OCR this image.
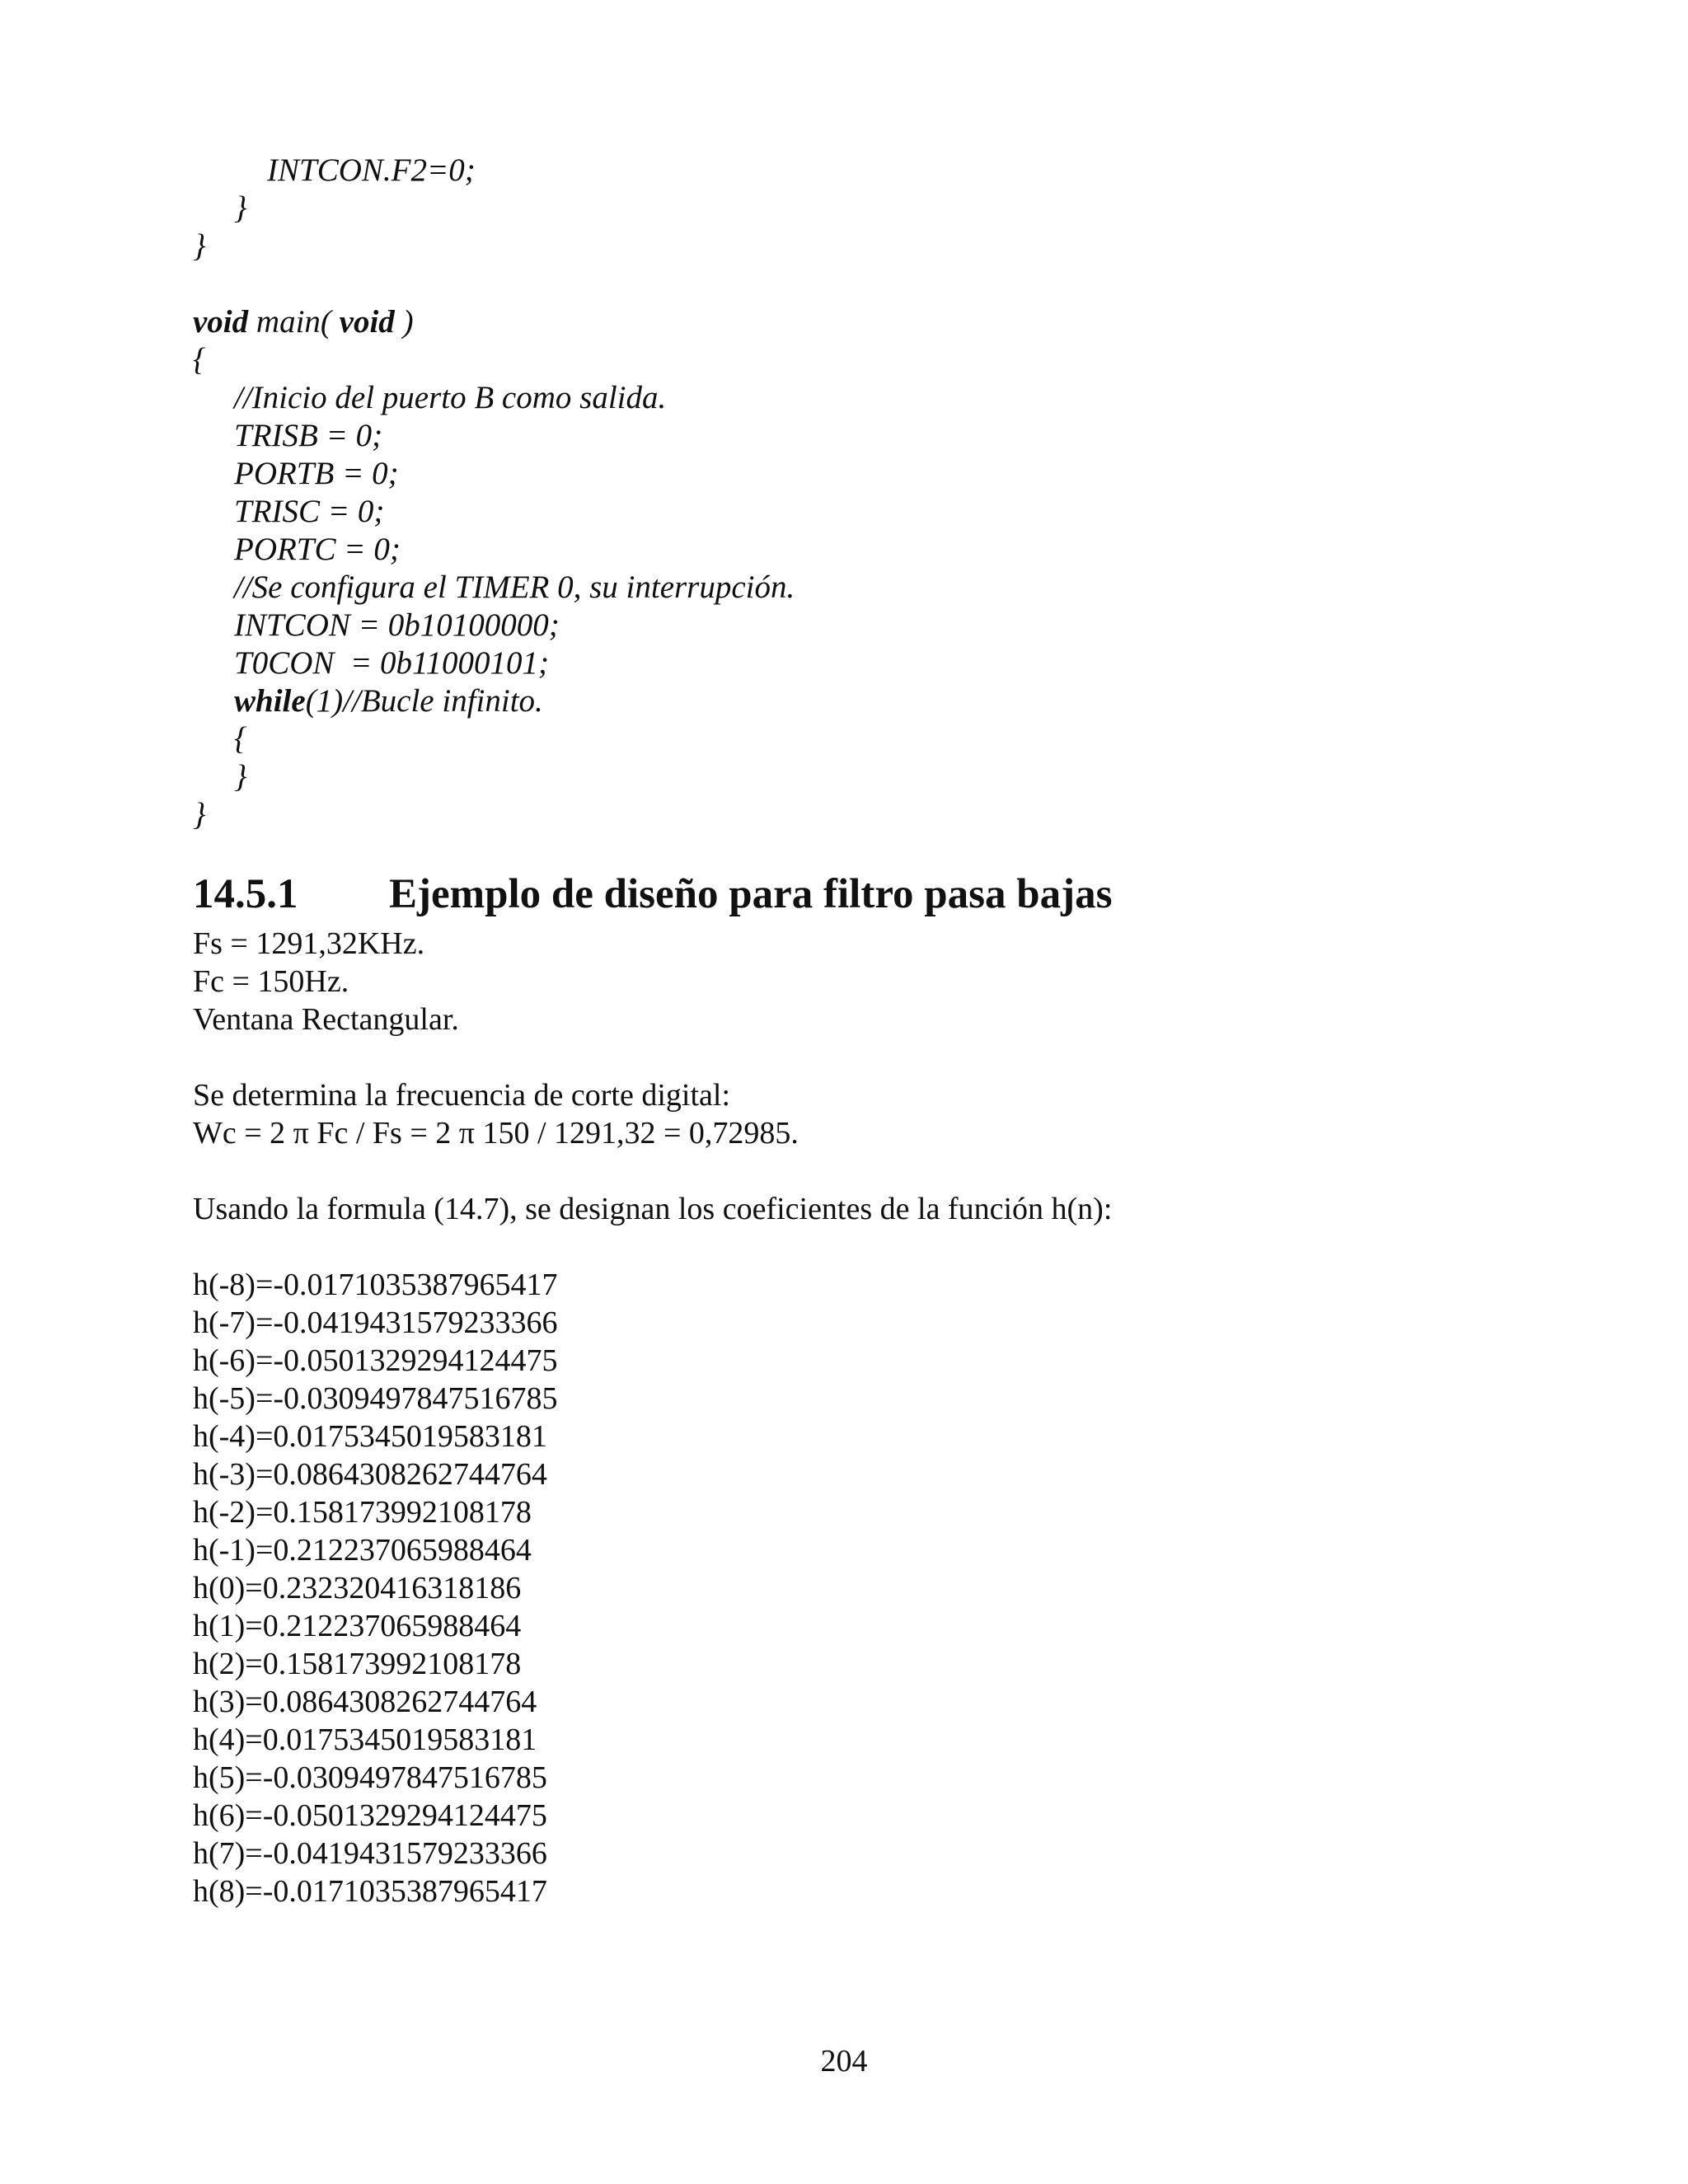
INTCON.F2=0;
}
}
void main( void )
{
//Inicio del puerto B como salida.
TRISB = 0;
PORTB = 0;
TRISC = 0;
PORTC = 0;
//Se configura el TIMER 0, su interrupción.
INTCON = 0b10100000;
T0CON  = 0b11000101;
while(1)//Bucle infinito.
{
}
}
14.5.1 Ejemplo de diseño para filtro pasa bajas
Fs = 1291,32KHz.
Fc = 150Hz.
Ventana Rectangular.
Se determina la frecuencia de corte digital:
Wc = 2 π Fc / Fs = 2 π 150 / 1291,32 = 0,72985.
Usando la formula (14.7), se designan los coeficientes de la función h(n):
h(-8)=-0.0171035387965417
h(-7)=-0.0419431579233366
h(-6)=-0.0501329294124475
h(-5)=-0.0309497847516785
h(-4)=0.0175345019583181
h(-3)=0.0864308262744764
h(-2)=0.158173992108178
h(-1)=0.212237065988464
h(0)=0.232320416318186
h(1)=0.212237065988464
h(2)=0.158173992108178
h(3)=0.0864308262744764
h(4)=0.0175345019583181
h(5)=-0.0309497847516785
h(6)=-0.0501329294124475
h(7)=-0.0419431579233366
h(8)=-0.0171035387965417
204
